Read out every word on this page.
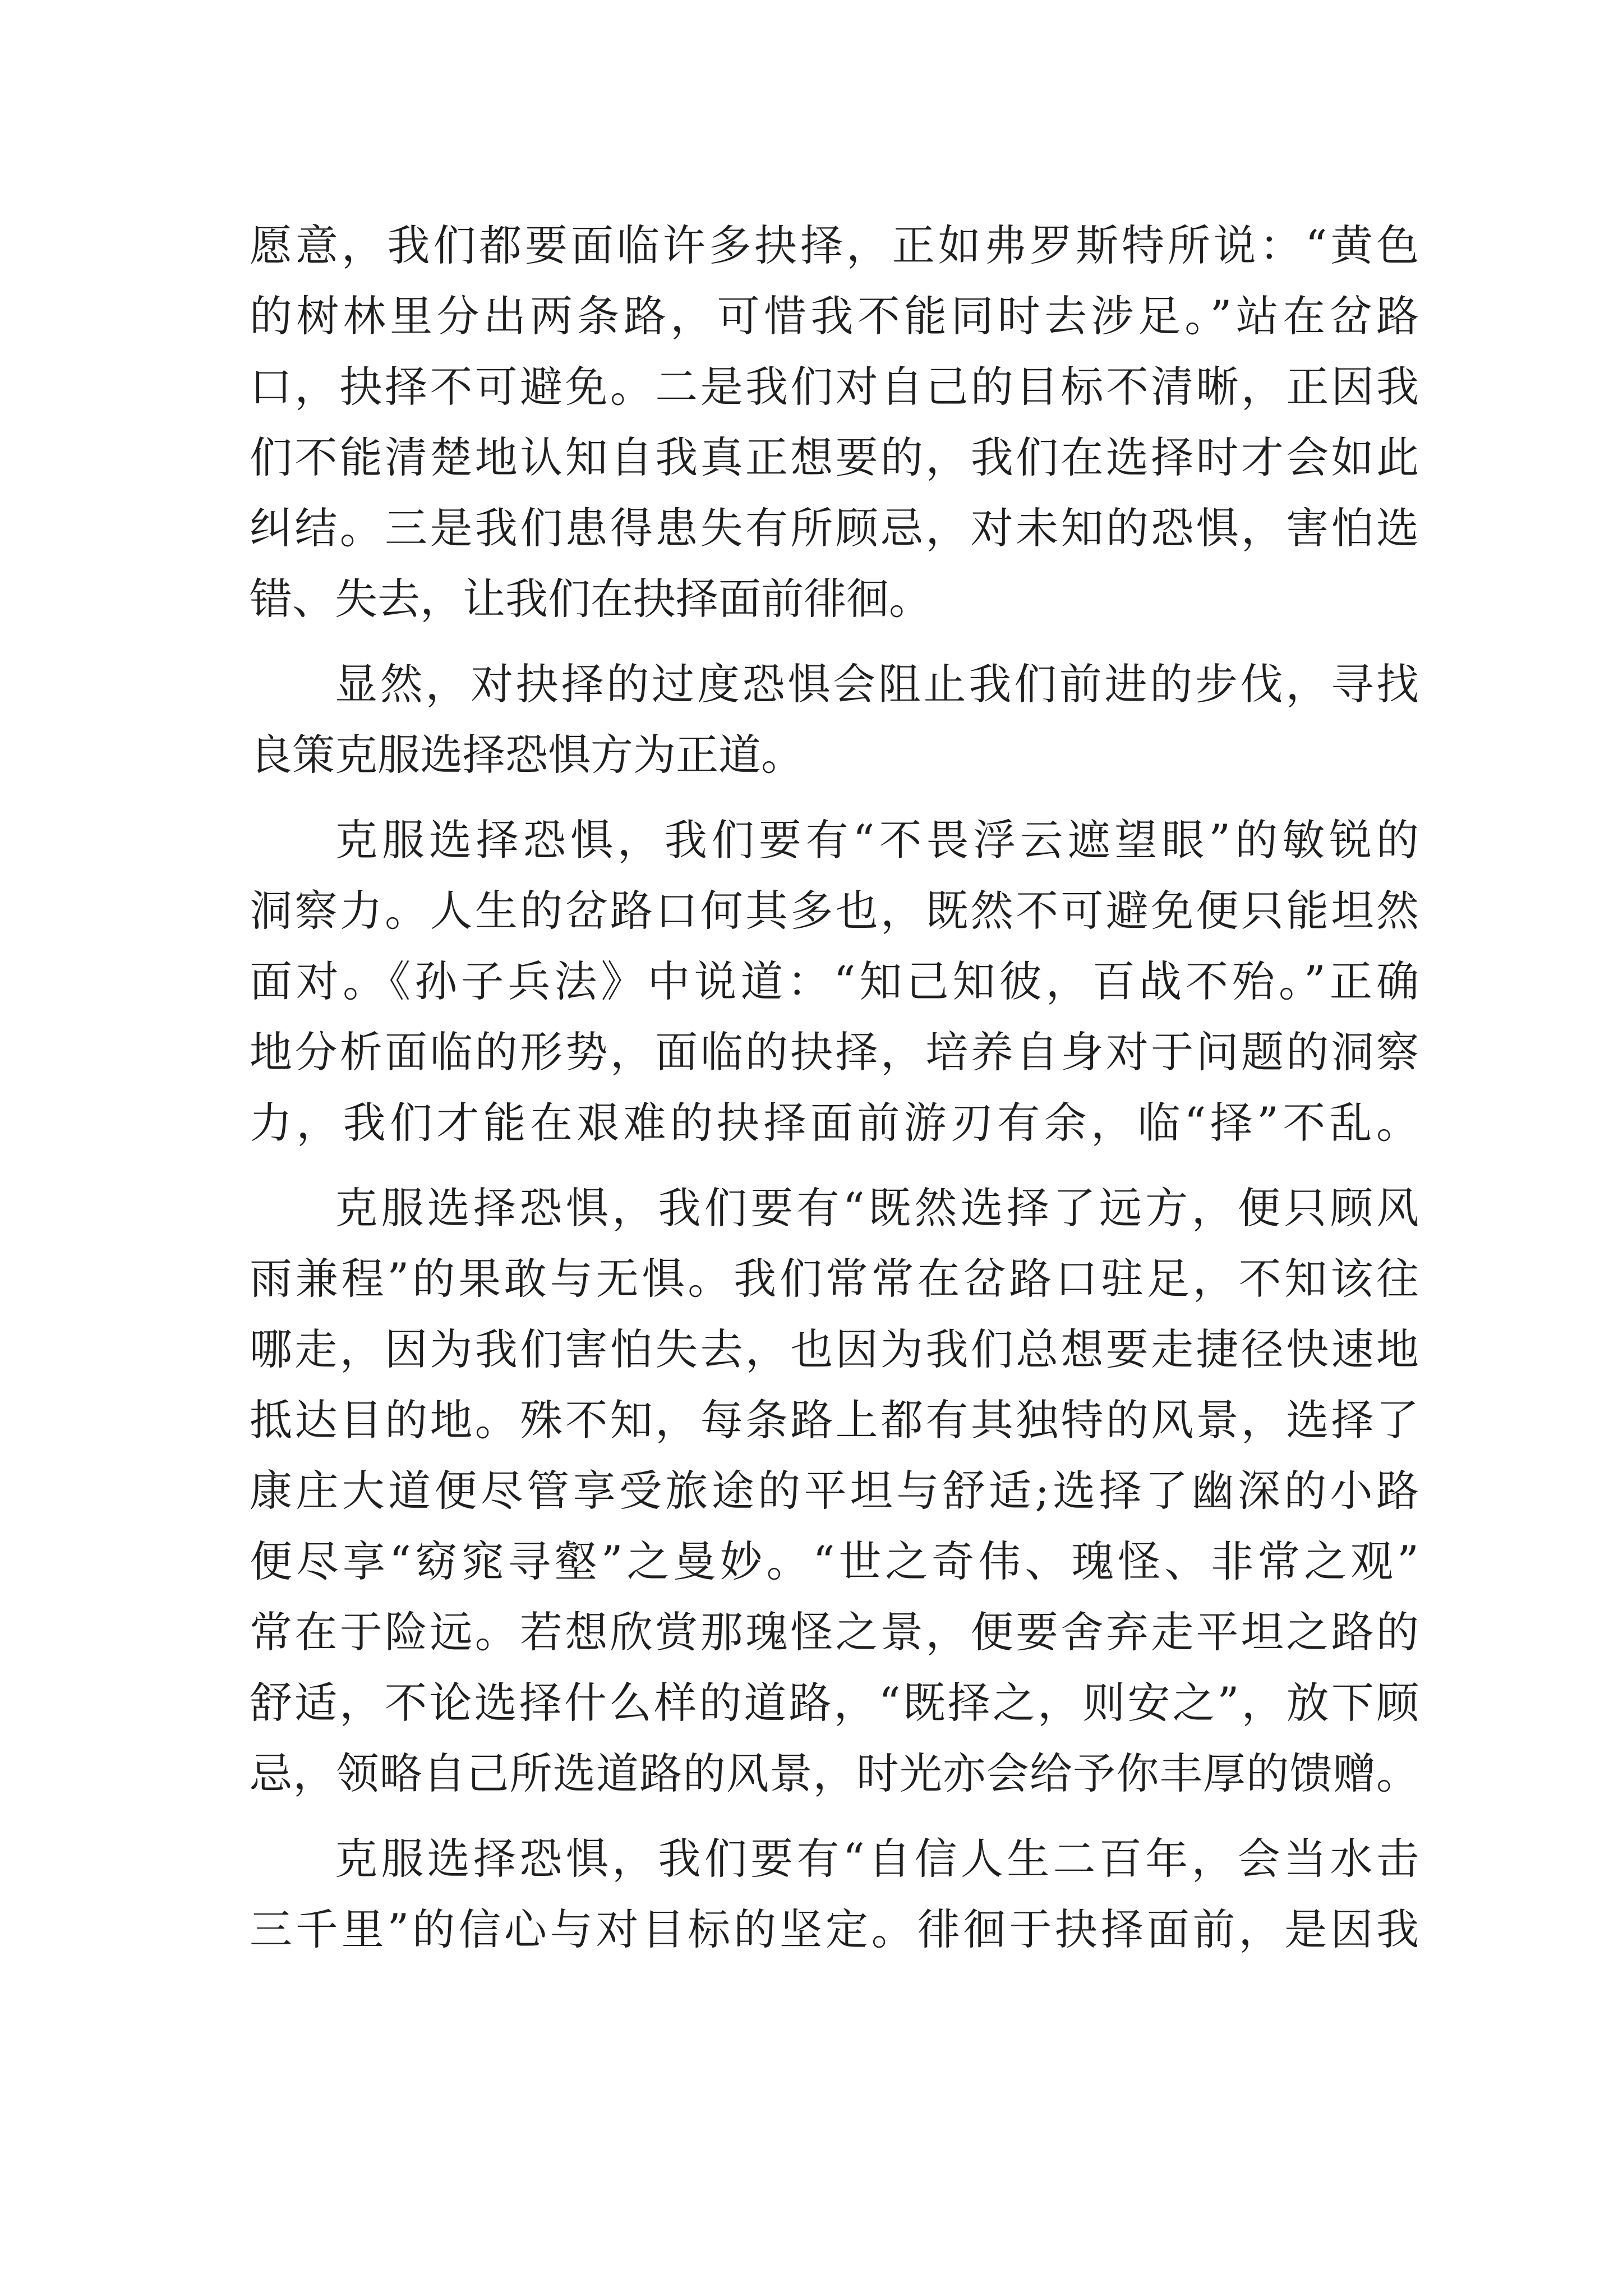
愿意，我们都要面临许多抉择，正如弗罗斯特所说：“黄色
的树林里分出两条路，可惜我不能同时去涉足。”站在岔路
口，抉择不可避免。二是我们对自己的目标不清晰，正因我
们不能清楚地认知自我真正想要的，我们在选择时才会如此
纠结。三是我们患得患失有所顾忌，对未知的恐惧，害怕选
错、失去，让我们在抉择面前徘徊。
显然，对抉择的过度恐惧会阻止我们前进的步伐，寻找
良策克服选择恐惧方为正道。
克服选择恐惧，我们要有“不畏浮云遮望眼”的敏锐的
洞察力。人生的岔路口何其多也，既然不可避免便只能坦然
面对。《孙子兵法》中说道：“知己知彼，百战不殆。”正确
地分析面临的形势，面临的抉择，培养自身对于问题的洞察
力，我们才能在艰难的抉择面前游刃有余，临“择”不乱。
克服选择恐惧，我们要有“既然选择了远方，便只顾风
雨兼程”的果敢与无惧。我们常常在岔路口驻足，不知该往
哪走，因为我们害怕失去，也因为我们总想要走捷径快速地
抵达目的地。殊不知，每条路上都有其独特的风景，选择了
康庄大道便尽管享受旅途的平坦与舒适;选择了幽深的小路
便尽享“窈窕寻壑”之曼妙。“世之奇伟、瑰怪、非常之观”
常在于险远。若想欣赏那瑰怪之景，便要舍弃走平坦之路的
舒适，不论选择什么样的道路，“既择之，则安之”，放下顾
忌，领略自己所选道路的风景，时光亦会给予你丰厚的馈赠。
克服选择恐惧，我们要有“自信人生二百年，会当水击
三千里”的信心与对目标的坚定。徘徊于抉择面前，是因我
